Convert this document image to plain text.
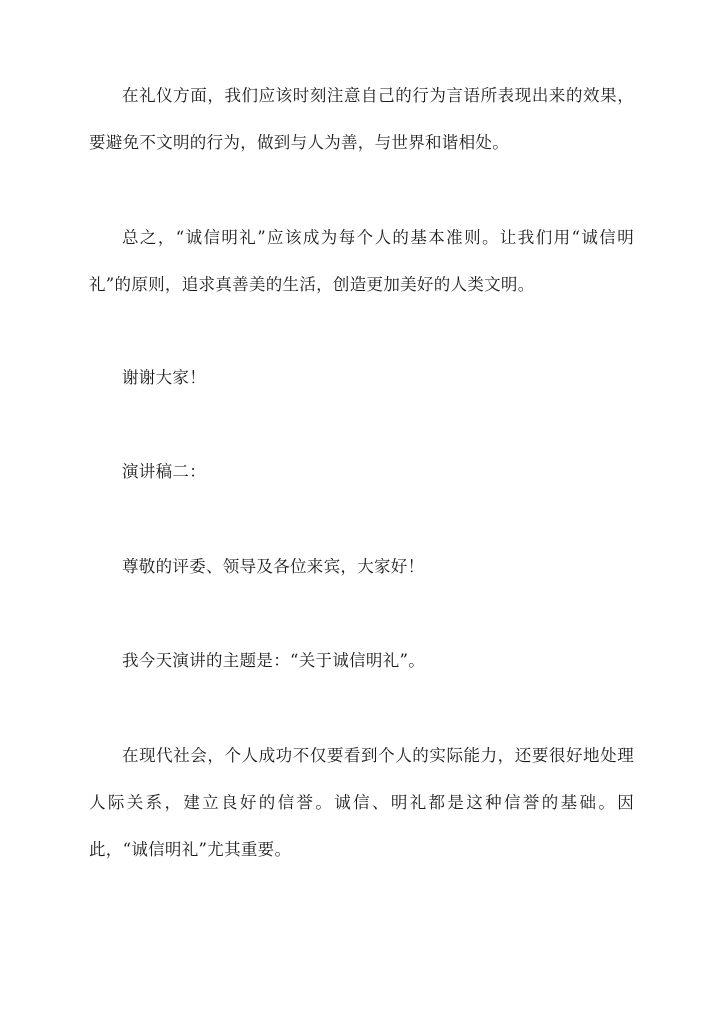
在礼仪方面，我们应该时刻注意自己的行为言语所表现出来的效果，要避免不文明的行为，做到与人为善，与世界和谐相处。

总之，“诚信明礼”应该成为每个人的基本准则。让我们用“诚信明礼”的原则，追求真善美的生活，创造更加美好的人类文明。

谢谢大家！

演讲稿二：

尊敬的评委、领导及各位来宾，大家好！

我今天演讲的主题是：“关于诚信明礼”。

在现代社会，个人成功不仅要看到个人的实际能力，还要很好地处理人际关系，建立良好的信誉。诚信、明礼都是这种信誉的基础。因此，“诚信明礼”尤其重要。
